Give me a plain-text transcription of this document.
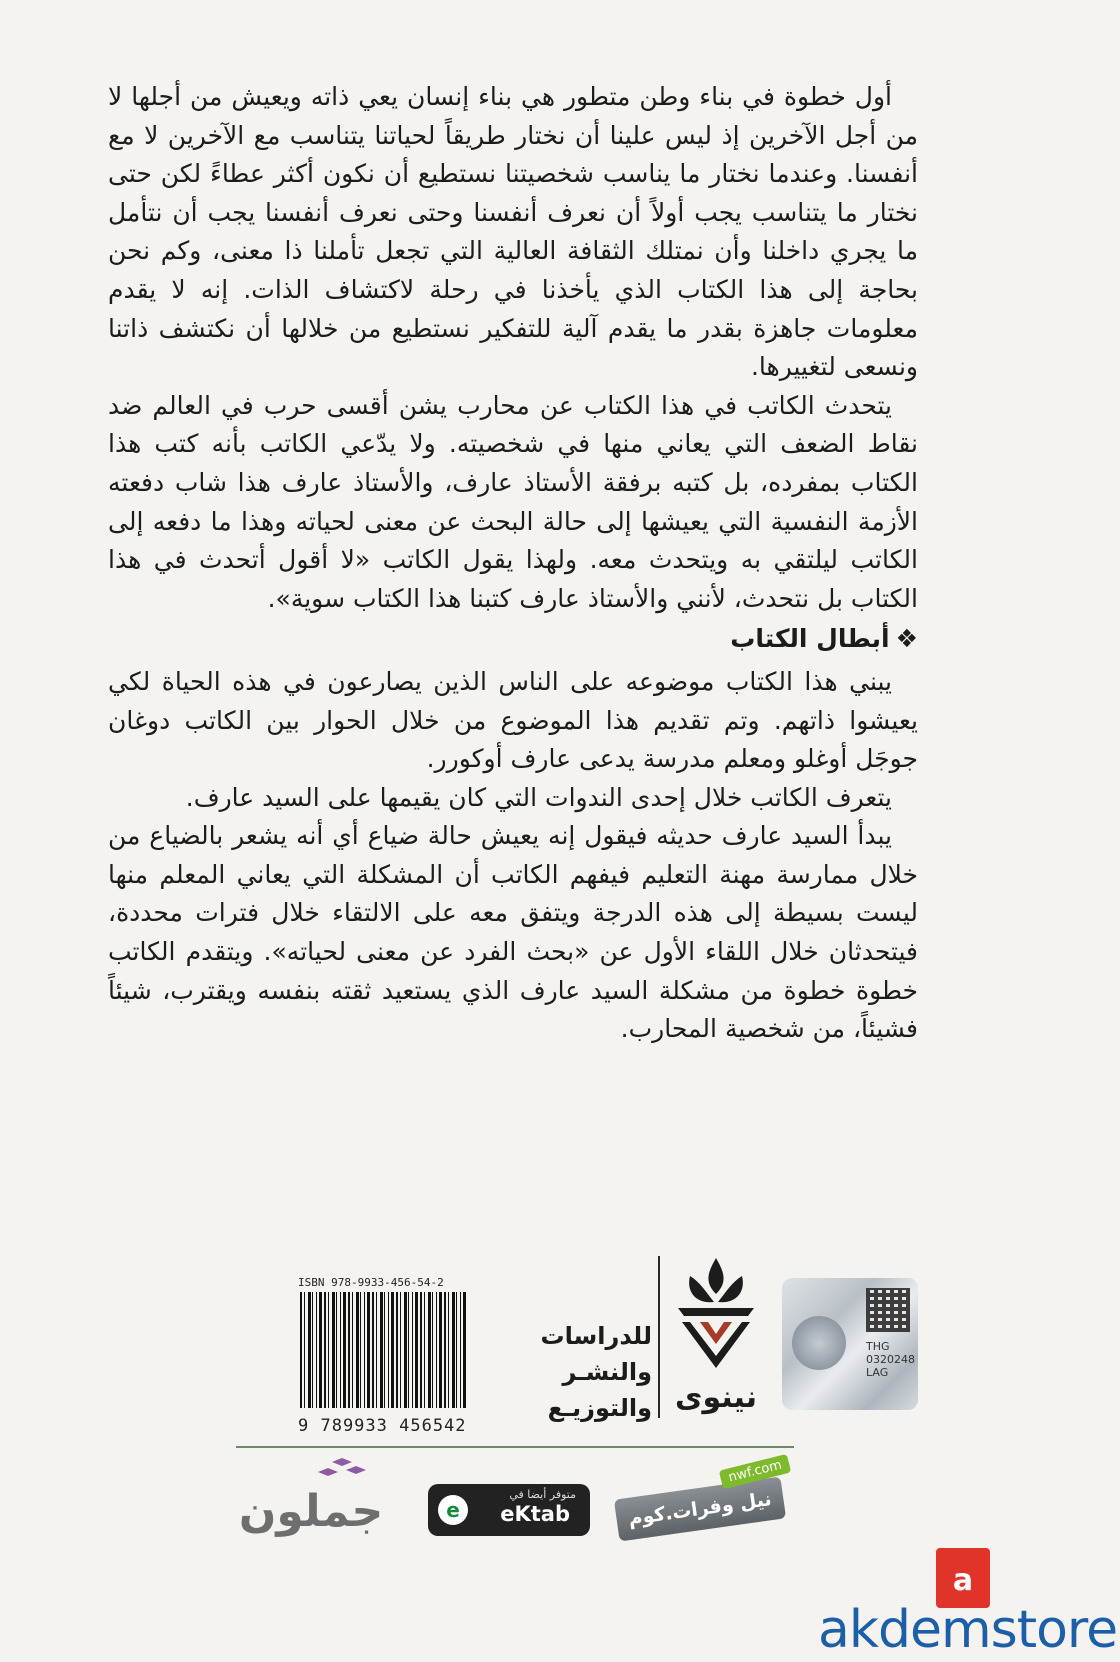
أول خطوة في بناء وطن متطور هي بناء إنسان يعي ذاته ويعيش من أجلها لا من أجل الآخرين إذ ليس علينا أن نختار طريقاً لحياتنا يتناسب مع الآخرين لا مع أنفسنا. وعندما نختار ما يناسب شخصيتنا نستطيع أن نكون أكثر عطاءً لكن حتى نختار ما يتناسب يجب أولاً أن نعرف أنفسنا وحتى نعرف أنفسنا يجب أن نتأمل ما يجري داخلنا وأن نمتلك الثقافة العالية التي تجعل تأملنا ذا معنى، وكم نحن بحاجة إلى هذا الكتاب الذي يأخذنا في رحلة لاكتشاف الذات. إنه لا يقدم معلومات جاهزة بقدر ما يقدم آلية للتفكير نستطيع من خلالها أن نكتشف ذاتنا ونسعى لتغييرها.

يتحدث الكاتب في هذا الكتاب عن محارب يشن أقسى حرب في العالم ضد نقاط الضعف التي يعاني منها في شخصيته. ولا يدّعي الكاتب بأنه كتب هذا الكتاب بمفرده، بل كتبه برفقة الأستاذ عارف، والأستاذ عارف هذا شاب دفعته الأزمة النفسية التي يعيشها إلى حالة البحث عن معنى لحياته وهذا ما دفعه إلى الكاتب ليلتقي به ويتحدث معه. ولهذا يقول الكاتب «لا أقول أتحدث في هذا الكتاب بل نتحدث، لأنني والأستاذ عارف كتبنا هذا الكتاب سوية».

❖أبطال الكتاب

يبني هذا الكتاب موضوعه على الناس الذين يصارعون في هذه الحياة لكي يعيشوا ذاتهم. وتم تقديم هذا الموضوع من خلال الحوار بين الكاتب دوغان جوجَل أوغلو ومعلم مدرسة يدعى عارف أوكورر.

يتعرف الكاتب خلال إحدى الندوات التي كان يقيمها على السيد عارف.

يبدأ السيد عارف حديثه فيقول إنه يعيش حالة ضياع أي أنه يشعر بالضياع من خلال ممارسة مهنة التعليم فيفهم الكاتب أن المشكلة التي يعاني المعلم منها ليست بسيطة إلى هذه الدرجة ويتفق معه على الالتقاء خلال فترات محددة، فيتحدثان خلال اللقاء الأول عن «بحث الفرد عن معنى لحياته». ويتقدم الكاتب خطوة خطوة من مشكلة السيد عارف الذي يستعيد ثقته بنفسه ويقترب، شيئاً فشيئاً، من شخصية المحارب.

THG
0320248
LAG
نينوى
للدراسات
والنشـر
والتوزيـع
ISBN 978-9933-456-54-2
9 789933 456542
جملون	e
متوفر أيضا في
eKtab	نيل وفرات.كوم
nwf.com
a
akdemstore
